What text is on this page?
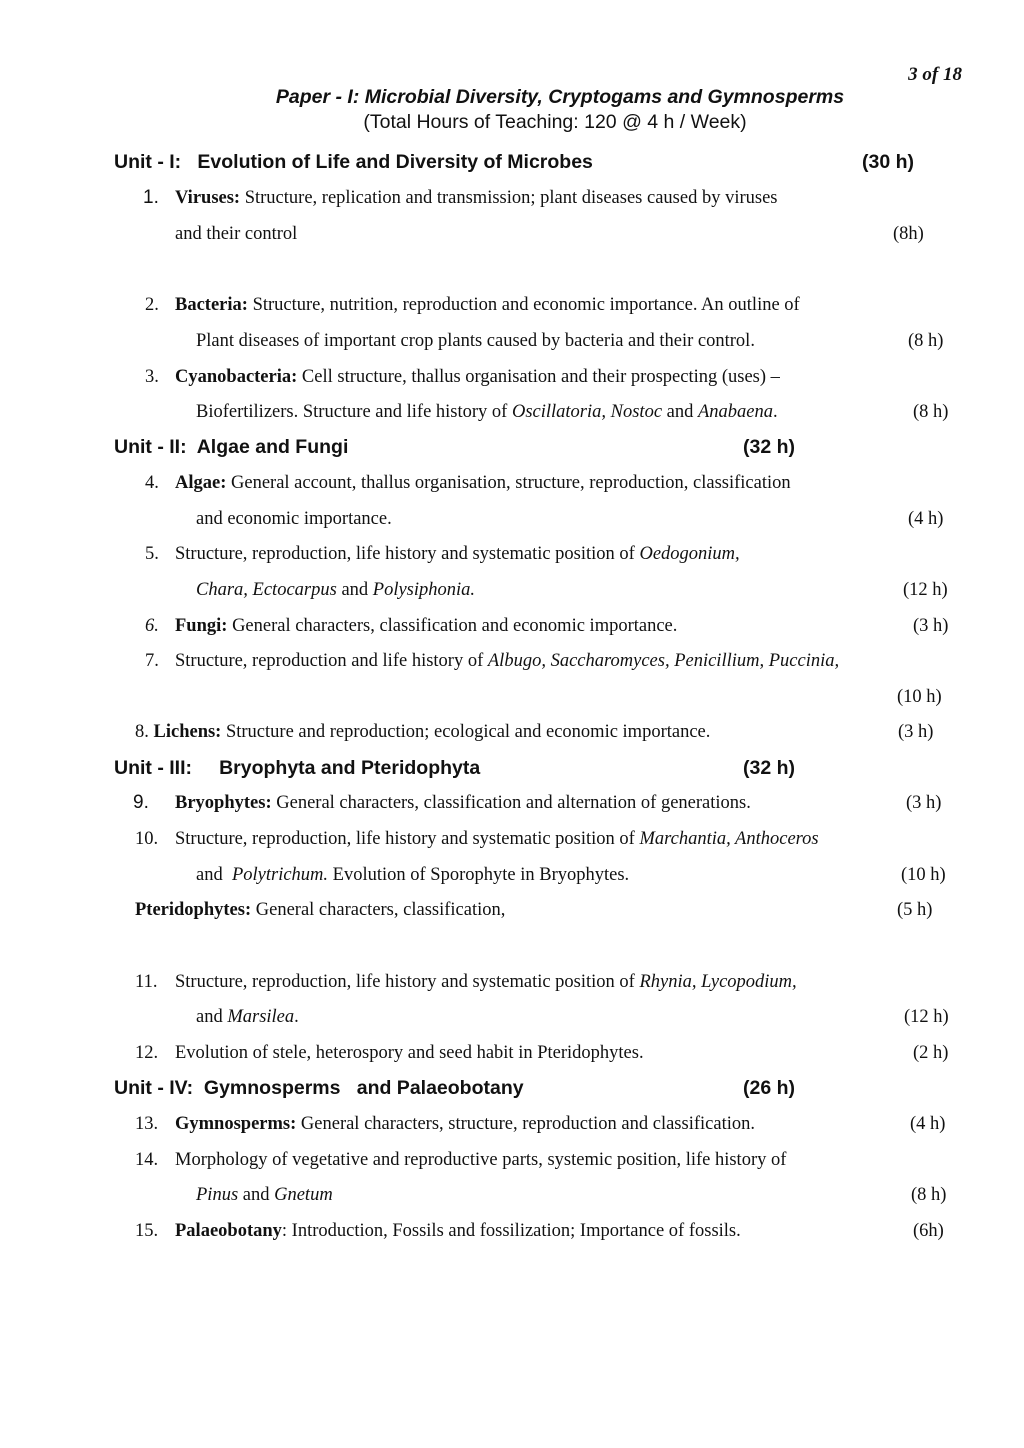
3 of 18
Paper - I: Microbial Diversity, Cryptogams and Gymnosperms
(Total Hours of Teaching: 120 @ 4 h / Week)
Unit - I: Evolution of Life and Diversity of Microbes	(30 h)
1. Viruses: Structure, replication and transmission; plant diseases caused by viruses
and their control	(8h)
2. Bacteria: Structure, nutrition, reproduction and economic importance. An outline of
Plant diseases of important crop plants caused by bacteria and their control.	(8 h)
3. Cyanobacteria: Cell structure, thallus organisation and their prospecting (uses) –
Biofertilizers. Structure and life history of Oscillatoria, Nostoc and Anabaena.	(8 h)
Unit - II: Algae and Fungi	(32 h)
4. Algae: General account, thallus organisation, structure, reproduction, classification
and economic importance.	(4 h)
5. Structure, reproduction, life history and systematic position of Oedogonium,
Chara, Ectocarpus and Polysiphonia.	(12 h)
6. Fungi: General characters, classification and economic importance.	(3 h)
7. Structure, reproduction and life history of Albugo, Saccharomyces, Penicillium, Puccinia,
(10 h)
8. Lichens: Structure and reproduction; ecological and economic importance.	(3 h)
Unit - III: Bryophyta and Pteridophyta	(32 h)
9. Bryophytes: General characters, classification and alternation of generations.	(3 h)
10. Structure, reproduction, life history and systematic position of Marchantia, Anthoceros
and  Polytrichum. Evolution of Sporophyte in Bryophytes.	(10 h)
Pteridophytes: General characters, classification,	(5 h)
11. Structure, reproduction, life history and systematic position of Rhynia, Lycopodium,
and Marsilea.	(12 h)
12. Evolution of stele, heterospory and seed habit in Pteridophytes.	(2 h)
Unit - IV: Gymnosperms   and Palaeobotany	(26 h)
13. Gymnosperms: General characters, structure, reproduction and classification.	(4 h)
14. Morphology of vegetative and reproductive parts, systemic position, life history of
Pinus and Gnetum	(8 h)
15. Palaeobotany: Introduction, Fossils and fossilization; Importance of fossils.	(6h)
